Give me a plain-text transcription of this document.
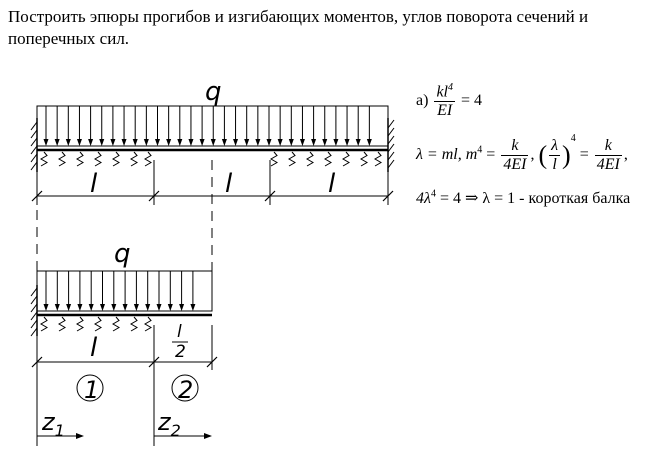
Построить эпюры прогибов и изгибающих моментов, углов поворота сечений и поперечных сил.

q
l	l	l
q
l
l
2
1	2
$z_1$	$z_2$
$а) \frac{kl^4}{EI} = 4$
λ = ml, $m^4 = \frac{k}{4EI}$ , ( $\frac{\lambda}{l} )^4 = \frac{k}{4EI}$ ,
$4\lambda^4 = 4$ ⇒ λ = 1 - короткая балка
